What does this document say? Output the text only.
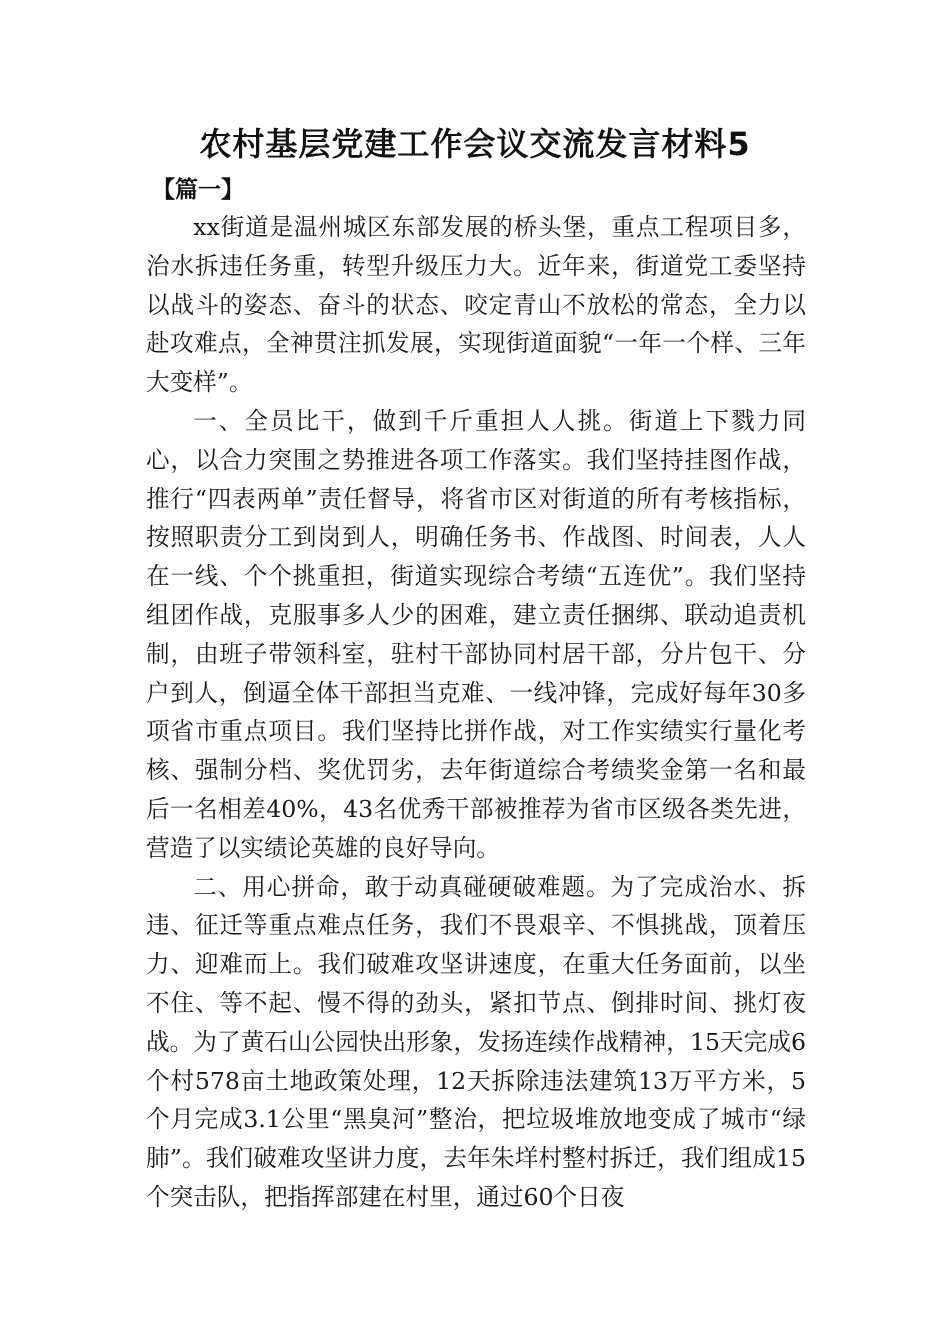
农村基层党建工作会议交流发言材料5
【篇一】

xx街道是温州城区东部发展的桥头堡，重点工程项目多，治水拆违任务重，转型升级压力大。近年来，街道党工委坚持以战斗的姿态、奋斗的状态、咬定青山不放松的常态，全力以赴攻难点，全神贯注抓发展，实现街道面貌“一年一个样、三年大变样”。

一、全员比干，做到千斤重担人人挑。街道上下戮力同心，以合力突围之势推进各项工作落实。我们坚持挂图作战，推行“四表两单”责任督导，将省市区对街道的所有考核指标，按照职责分工到岗到人，明确任务书、作战图、时间表，人人在一线、个个挑重担，街道实现综合考绩“五连优”。我们坚持组团作战，克服事多人少的困难，建立责任捆绑、联动追责机制，由班子带领科室，驻村干部协同村居干部，分片包干、分户到人，倒逼全体干部担当克难、一线冲锋，完成好每年30多项省市重点项目。我们坚持比拼作战，对工作实绩实行量化考核、强制分档、奖优罚劣，去年街道综合考绩奖金第一名和最后一名相差40%，43名优秀干部被推荐为省市区级各类先进，营造了以实绩论英雄的良好导向。

二、用心拼命，敢于动真碰硬破难题。为了完成治水、拆违、征迁等重点难点任务，我们不畏艰辛、不惧挑战，顶着压力、迎难而上。我们破难攻坚讲速度，在重大任务面前，以坐不住、等不起、慢不得的劲头，紧扣节点、倒排时间、挑灯夜战。为了黄石山公园快出形象，发扬连续作战精神，15天完成6个村578亩土地政策处理，12天拆除违法建筑13万平方米，5个月完成3.1公里“黑臭河”整治，把垃圾堆放地变成了城市“绿肺”。我们破难攻坚讲力度，去年朱垟村整村拆迁，我们组成15个突击队，把指挥部建在村里，通过60个日夜
